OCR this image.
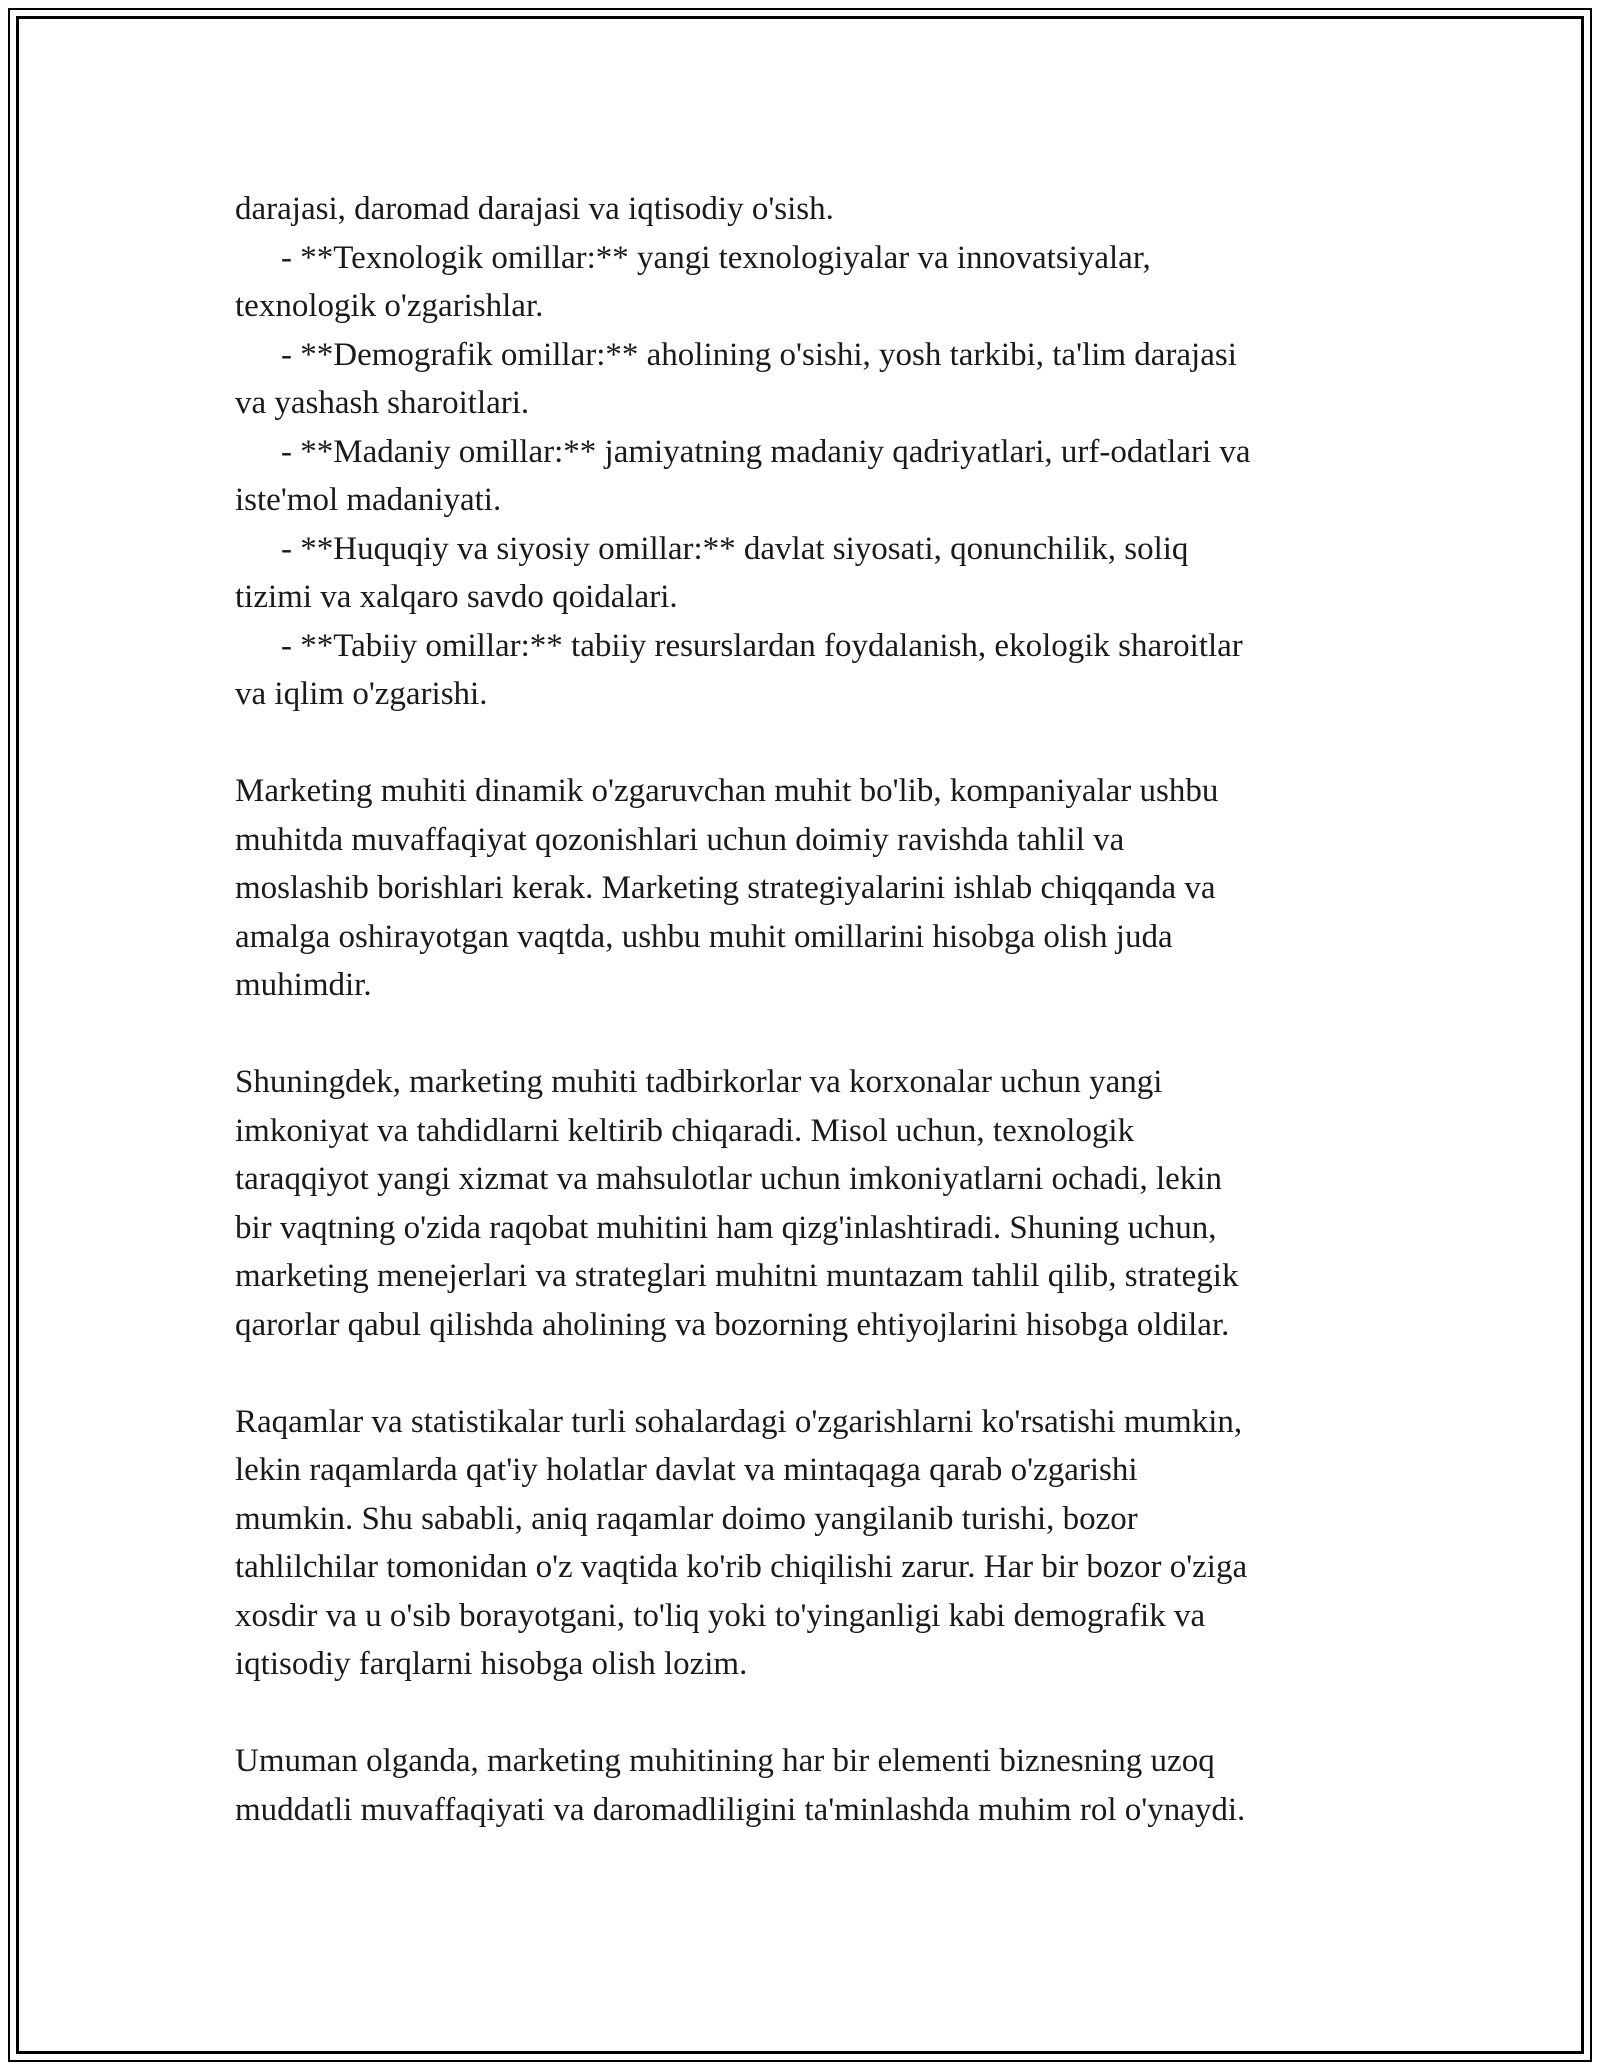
darajasi, daromad darajasi va iqtisodiy o'sish.
- **Texnologik omillar:** yangi texnologiyalar va innovatsiyalar,
texnologik o'zgarishlar.
- **Demografik omillar:** aholining o'sishi, yosh tarkibi, ta'lim darajasi
va yashash sharoitlari.
- **Madaniy omillar:** jamiyatning madaniy qadriyatlari, urf-odatlari va
iste'mol madaniyati.
- **Huquqiy va siyosiy omillar:** davlat siyosati, qonunchilik, soliq
tizimi va xalqaro savdo qoidalari.
- **Tabiiy omillar:** tabiiy resurslardan foydalanish, ekologik sharoitlar
va iqlim o'zgarishi.
Marketing muhiti dinamik o'zgaruvchan muhit bo'lib, kompaniyalar ushbu
muhitda muvaffaqiyat qozonishlari uchun doimiy ravishda tahlil va
moslashib borishlari kerak. Marketing strategiyalarini ishlab chiqqanda va
amalga oshirayotgan vaqtda, ushbu muhit omillarini hisobga olish juda
muhimdir.
Shuningdek, marketing muhiti tadbirkorlar va korxonalar uchun yangi
imkoniyat va tahdidlarni keltirib chiqaradi. Misol uchun, texnologik
taraqqiyot yangi xizmat va mahsulotlar uchun imkoniyatlarni ochadi, lekin
bir vaqtning o'zida raqobat muhitini ham qizg'inlashtiradi. Shuning uchun,
marketing menejerlari va strateglari muhitni muntazam tahlil qilib, strategik
qarorlar qabul qilishda aholining va bozorning ehtiyojlarini hisobga oldilar.
Raqamlar va statistikalar turli sohalardagi o'zgarishlarni ko'rsatishi mumkin,
lekin raqamlarda qat'iy holatlar davlat va mintaqaga qarab o'zgarishi
mumkin. Shu sababli, aniq raqamlar doimo yangilanib turishi, bozor
tahlilchilar tomonidan o'z vaqtida ko'rib chiqilishi zarur. Har bir bozor o'ziga
xosdir va u o'sib borayotgani, to'liq yoki to'yinganligi kabi demografik va
iqtisodiy farqlarni hisobga olish lozim.
Umuman olganda, marketing muhitining har bir elementi biznesning uzoq
muddatli muvaffaqiyati va daromadliligini ta'minlashda muhim rol o'ynaydi.
